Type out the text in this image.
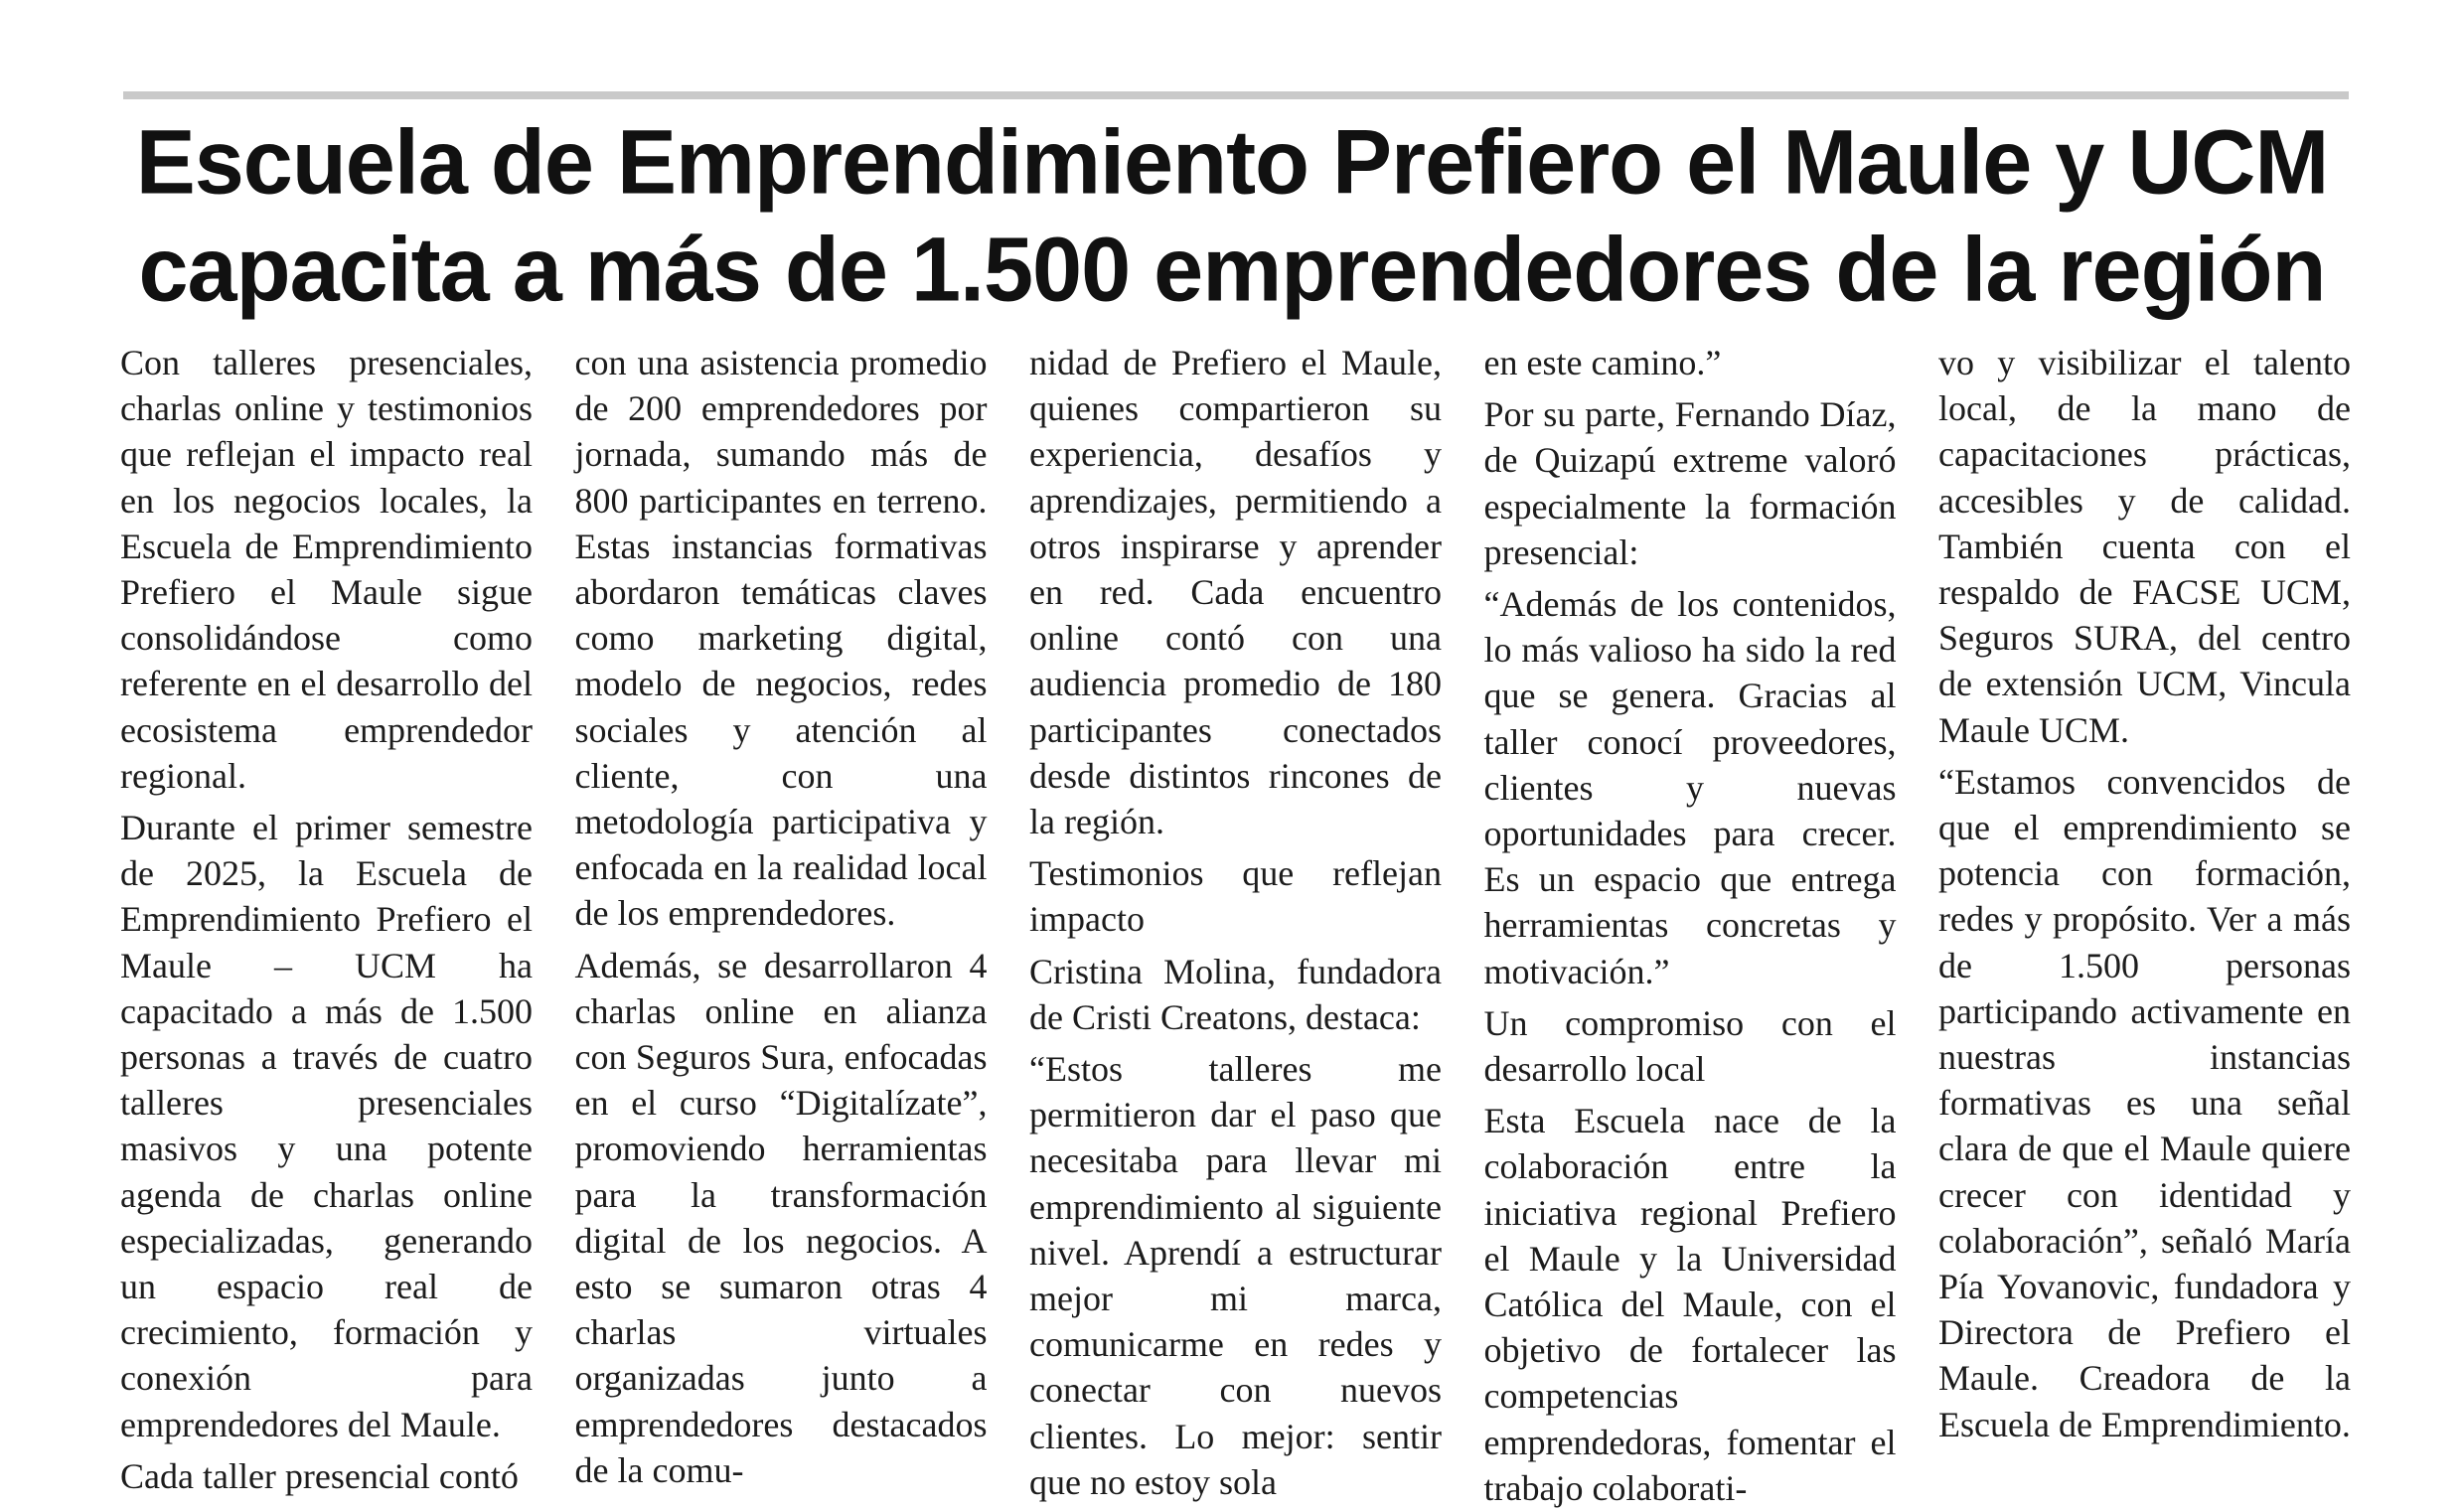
Escuela de Emprendimiento Prefiero el Maule y UCM
capacita a más de 1.500 emprendedores de la región

Con talleres presenciales, charlas online y testimonios que reflejan el impacto real en los negocios locales, la Escuela de Emprendimiento Prefiero el Maule sigue consolidándose como referente en el desarrollo del ecosistema emprendedor regional.

Durante el primer semestre de 2025, la Escuela de Emprendimiento Prefiero el Maule – UCM ha capacitado a más de 1.500 personas a través de cuatro talleres presenciales masivos y una potente agenda de charlas online especializadas, generando un espacio real de crecimiento, formación y conexión para emprendedores del Maule.

Cada taller presencial contó

con una asistencia promedio de 200 emprendedores por jornada, sumando más de 800 participantes en terreno. Estas instancias formativas abordaron temáticas claves como marketing digital, modelo de negocios, redes sociales y atención al cliente, con una metodología participativa y enfocada en la realidad local de los emprendedores.

Además, se desarrollaron 4 charlas online en alianza con Seguros Sura, enfocadas en el curso “Digitalízate”, promoviendo herramientas para la transformación digital de los negocios. A esto se sumaron otras 4 charlas virtuales organizadas junto a emprendedores destacados de la comu-

nidad de Prefiero el Maule, quienes compartieron su experiencia, desafíos y aprendizajes, permitiendo a otros inspirarse y aprender en red. Cada encuentro online contó con una audiencia promedio de 180 participantes conectados desde distintos rincones de la región.

Testimonios que reflejan impacto

Cristina Molina, fundadora de Cristi Creatons, destaca:

“Estos talleres me permitieron dar el paso que necesitaba para llevar mi emprendimiento al siguiente nivel. Aprendí a estructurar mejor mi marca, comunicarme en redes y conectar con nuevos clientes. Lo mejor: sentir que no estoy sola

en este camino.”

Por su parte, Fernando Díaz, de Quizapú extreme valoró especialmente la formación presencial:

“Además de los contenidos, lo más valioso ha sido la red que se genera. Gracias al taller conocí proveedores, clientes y nuevas oportunidades para crecer. Es un espacio que entrega herramientas concretas y motivación.”

Un compromiso con el desarrollo local

Esta Escuela nace de la colaboración entre la iniciativa regional Prefiero el Maule y la Universidad Católica del Maule, con el objetivo de fortalecer las competencias emprendedoras, fomentar el trabajo colaborati-

vo y visibilizar el talento local, de la mano de capacitaciones prácticas, accesibles y de calidad. También cuenta con el respaldo de FACSE UCM, Seguros SURA, del centro de extensión UCM, Vincula Maule UCM.

“Estamos convencidos de que el emprendimiento se potencia con formación, redes y propósito. Ver a más de 1.500 personas participando activamente en nuestras instancias formativas es una señal clara de que el Maule quiere crecer con identidad y colaboración”, señaló María Pía Yovanovic, fundadora y Directora de Prefiero el Maule. Creadora de la Escuela de Emprendimiento.
